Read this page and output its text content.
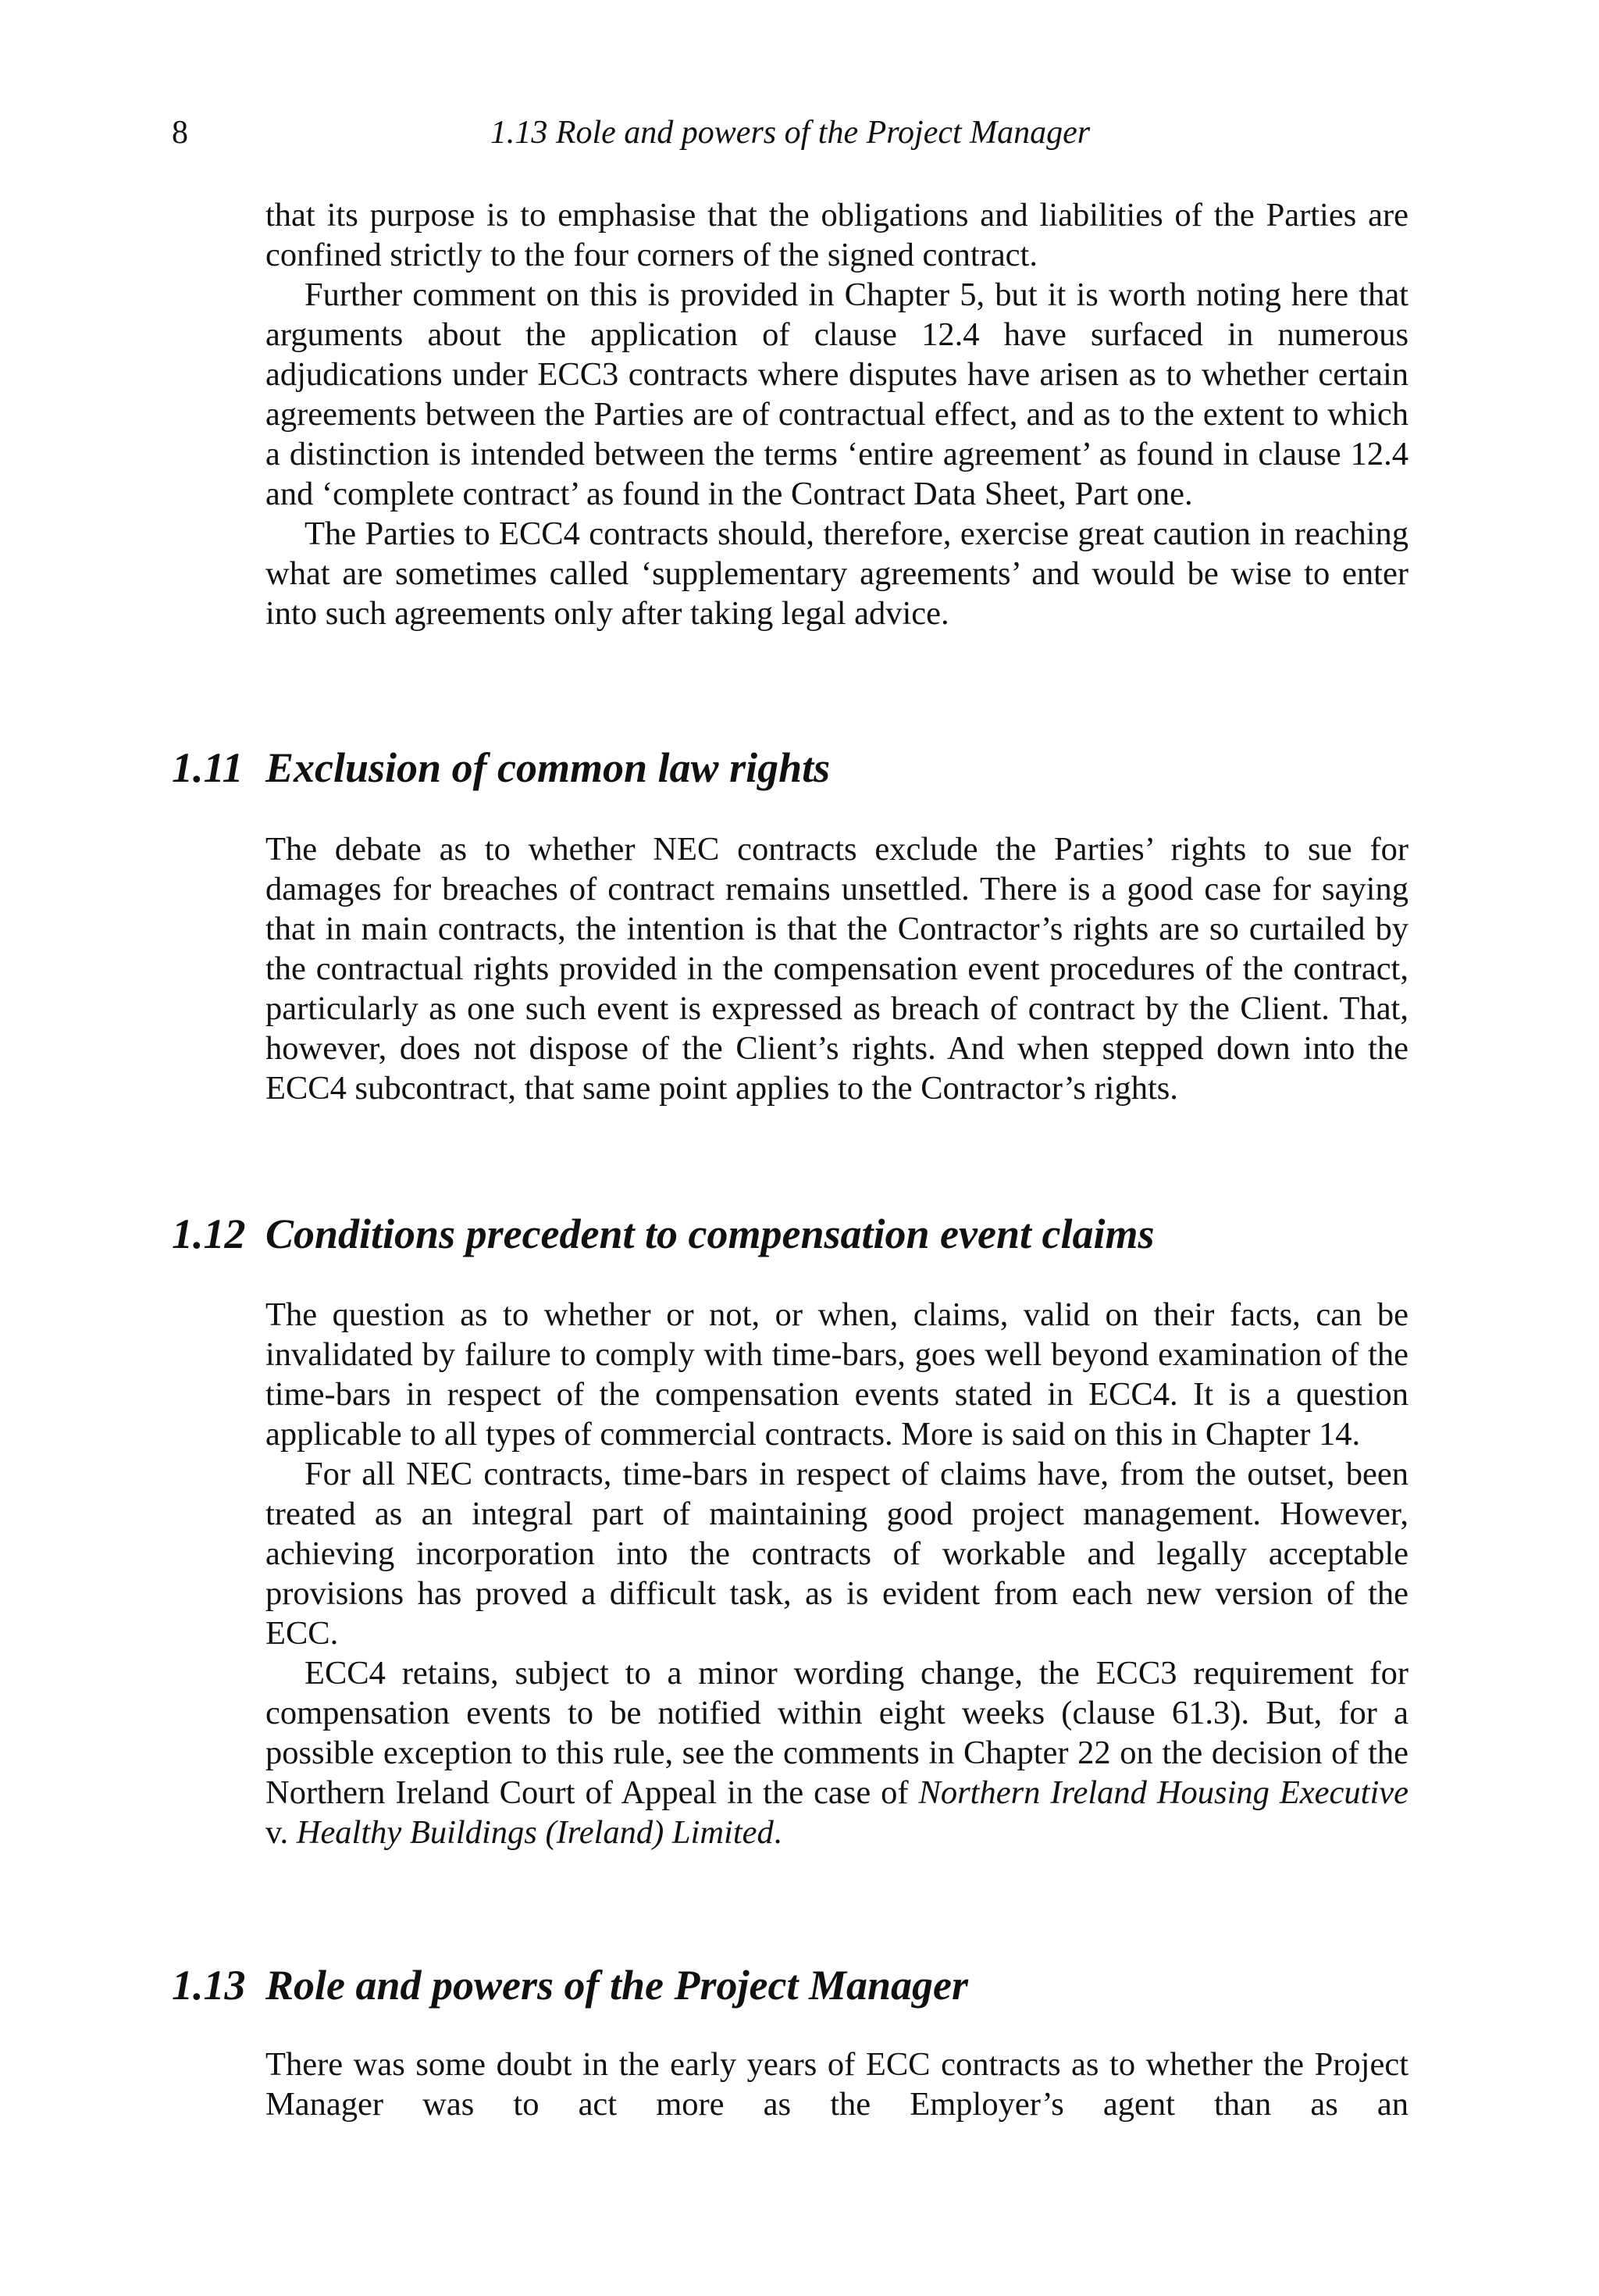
8	1.13 Role and powers of the Project Manager

that its purpose is to emphasise that the obligations and liabilities of the Parties are confined strictly to the four corners of the signed contract.

Further comment on this is provided in Chapter 5, but it is worth noting here that arguments about the application of clause 12.4 have surfaced in numerous adjudications under ECC3 contracts where disputes have arisen as to whether certain agreements between the Parties are of contractual effect, and as to the extent to which a distinction is intended between the terms ‘entire agreement’ as found in clause 12.4 and ‘complete contract’ as found in the Contract Data Sheet, Part one.

The Parties to ECC4 contracts should, therefore, exercise great caution in reaching what are sometimes called ‘supplementary agreements’ and would be wise to enter into such agreements only after taking legal advice.

1.11 Exclusion of common law rights

The debate as to whether NEC contracts exclude the Parties’ rights to sue for damages for breaches of contract remains unsettled. There is a good case for saying that in main contracts, the intention is that the Contractor’s rights are so curtailed by the contractual rights provided in the compensation event procedures of the contract, particularly as one such event is expressed as breach of contract by the Client. That, however, does not dispose of the Client’s rights. And when stepped down into the ECC4 subcontract, that same point applies to the Contractor’s rights.

1.12 Conditions precedent to compensation event claims

The question as to whether or not, or when, claims, valid on their facts, can be invalidated by failure to comply with time-bars, goes well beyond examination of the time-bars in respect of the compensation events stated in ECC4. It is a question applicable to all types of commercial contracts. More is said on this in Chapter 14.

For all NEC contracts, time-bars in respect of claims have, from the outset, been treated as an integral part of maintaining good project management. However, achieving incorporation into the contracts of workable and legally acceptable provisions has proved a difficult task, as is evident from each new version of the ECC.

ECC4 retains, subject to a minor wording change, the ECC3 requirement for compensation events to be notified within eight weeks (clause 61.3). But, for a possible exception to this rule, see the comments in Chapter 22 on the decision of the Northern Ireland Court of Appeal in the case of Northern Ireland Housing Executive v. Healthy Buildings (Ireland) Limited.

1.13 Role and powers of the Project Manager

There was some doubt in the early years of ECC contracts as to whether the Project Manager was to act more as the Employer’s agent than as an
